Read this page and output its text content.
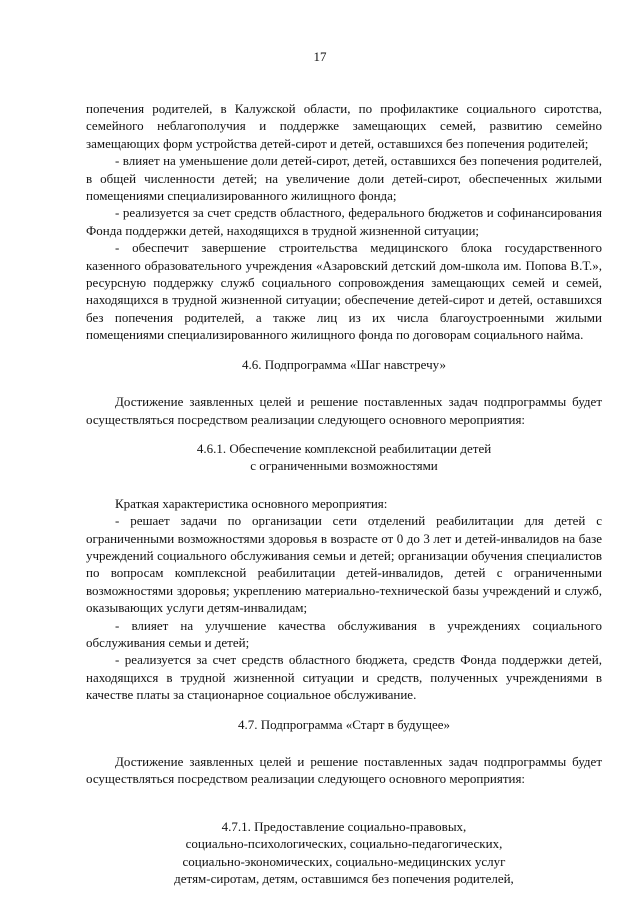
17

попечения родителей, в Калужской области, по профилактике социального сиротства, семейного неблагополучия и поддержке замещающих семей, развитию семейно замещающих форм устройства детей-сирот и детей, оставшихся без попечения родителей;

- влияет на уменьшение доли детей-сирот, детей, оставшихся без попечения родителей, в общей численности детей; на увеличение доли детей-сирот, обеспеченных жилыми помещениями специализированного жилищного фонда;

- реализуется за счет средств областного, федерального бюджетов и софинансирования Фонда поддержки детей, находящихся в трудной жизненной ситуации;

- обеспечит завершение строительства медицинского блока государственного казенного образовательного учреждения «Азаровский детский дом-школа им. Попова В.Т.», ресурсную поддержку служб социального сопровождения замещающих семей и семей, находящихся в трудной жизненной ситуации; обеспечение детей-сирот и детей, оставшихся без попечения родителей, а также лиц из их числа благоустроенными жилыми помещениями специализированного жилищного фонда по договорам социального найма.

4.6. Подпрограмма «Шаг навстречу»

Достижение заявленных целей и решение поставленных задач подпрограммы будет осуществляться посредством реализации следующего основного мероприятия:

4.6.1. Обеспечение комплексной реабилитации детей

с ограниченными возможностями

Краткая характеристика основного мероприятия:

- решает задачи по организации сети отделений реабилитации для детей с ограниченными возможностями здоровья в возрасте от 0 до 3 лет и детей-инвалидов на базе учреждений социального обслуживания семьи и детей; организации обучения специалистов по вопросам комплексной реабилитации детей-инвалидов, детей с ограниченными возможностями здоровья; укреплению материально-технической базы учреждений и служб, оказывающих услуги детям-инвалидам;

- влияет на улучшение качества обслуживания в учреждениях социального обслуживания семьи и детей;

- реализуется за счет средств областного бюджета, средств Фонда поддержки детей, находящихся в трудной жизненной ситуации и средств, полученных учреждениями в качестве платы за стационарное социальное обслуживание.

4.7. Подпрограмма «Старт в будущее»

Достижение заявленных целей и решение поставленных задач подпрограммы будет осуществляться посредством реализации следующего основного мероприятия:

4.7.1. Предоставление социально-правовых,

социально-психологических, социально-педагогических,

социально-экономических, социально-медицинских услуг

детям-сиротам, детям, оставшимся без попечения родителей,
